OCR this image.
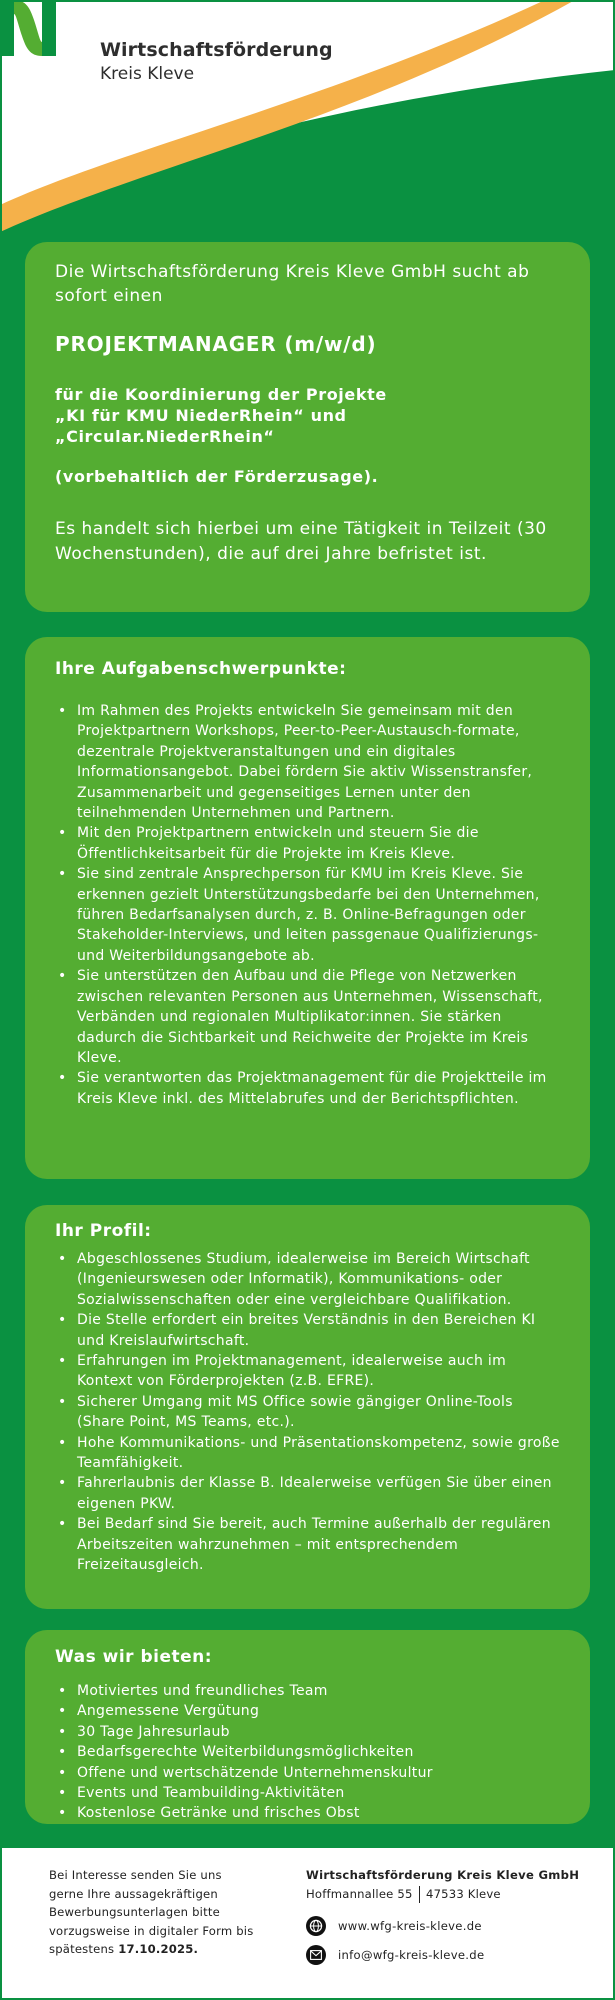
Wirtschaftsförderung
Kreis Kleve

Die Wirtschaftsförderung Kreis Kleve GmbH sucht ab sofort einen

PROJEKTMANAGER (m/w/d)

für die Koordinierung der Projekte
„KI für KMU NiederRhein“ und
„Circular.NiederRhein“

(vorbehaltlich der Förderzusage).

Es handelt sich hierbei um eine Tätigkeit in Teilzeit (30 Wochenstunden), die auf drei Jahre befristet ist.

Ihre Aufgabenschwerpunkte:
• Im Rahmen des Projekts entwickeln Sie gemeinsam mit den Projektpartnern Workshops, Peer-to-Peer-Austausch-formate, dezentrale Projektveranstaltungen und ein digitales Informationsangebot. Dabei fördern Sie aktiv Wissenstransfer, Zusammenarbeit und gegenseitiges Lernen unter den teilnehmenden Unternehmen und Partnern.
• Mit den Projektpartnern entwickeln und steuern Sie die Öffentlichkeitsarbeit für die Projekte im Kreis Kleve.
• Sie sind zentrale Ansprechperson für KMU im Kreis Kleve. Sie erkennen gezielt Unterstützungsbedarfe bei den Unternehmen, führen Bedarfsanalysen durch, z. B. Online-Befragungen oder Stakeholder-Interviews, und leiten passgenaue Qualifizierungs- und Weiterbildungsangebote ab.
• Sie unterstützen den Aufbau und die Pflege von Netzwerken zwischen relevanten Personen aus Unternehmen, Wissenschaft, Verbänden und regionalen Multiplikator:innen. Sie stärken dadurch die Sichtbarkeit und Reichweite der Projekte im Kreis Kleve.
• Sie verantworten das Projektmanagement für die Projektteile im Kreis Kleve inkl. des Mittelabrufes und der Berichtspflichten.
Ihr Profil:
• Abgeschlossenes Studium, idealerweise im Bereich Wirtschaft (Ingenieurswesen oder Informatik), Kommunikations- oder Sozialwissenschaften oder eine vergleichbare Qualifikation.
• Die Stelle erfordert ein breites Verständnis in den Bereichen KI und Kreislaufwirtschaft.
• Erfahrungen im Projektmanagement, idealerweise auch im Kontext von Förderprojekten (z.B. EFRE).
• Sicherer Umgang mit MS Office sowie gängiger Online-Tools (Share Point, MS Teams, etc.).
• Hohe Kommunikations- und Präsentationskompetenz, sowie große Teamfähigkeit.
• Fahrerlaubnis der Klasse B. Idealerweise verfügen Sie über einen eigenen PKW.
• Bei Bedarf sind Sie bereit, auch Termine außerhalb der regulären Arbeitszeiten wahrzunehmen – mit entsprechendem Freizeitausgleich.
Was wir bieten:
• Motiviertes und freundliches Team
• Angemessene Vergütung
• 30 Tage Jahresurlaub
• Bedarfsgerechte Weiterbildungsmöglichkeiten
• Offene und wertschätzende Unternehmenskultur
• Events und Teambuilding-Aktivitäten
• Kostenlose Getränke und frisches Obst
Bei Interesse senden Sie uns gerne Ihre aussagekräftigen Bewerbungsunterlagen bitte vorzugsweise in digitaler Form bis spätestens 17.10.2025.
Wirtschaftsförderung Kreis Kleve GmbH
Hoffmannallee 55 47533 Kleve
www.wfg-kreis-kleve.de
info@wfg-kreis-kleve.de
